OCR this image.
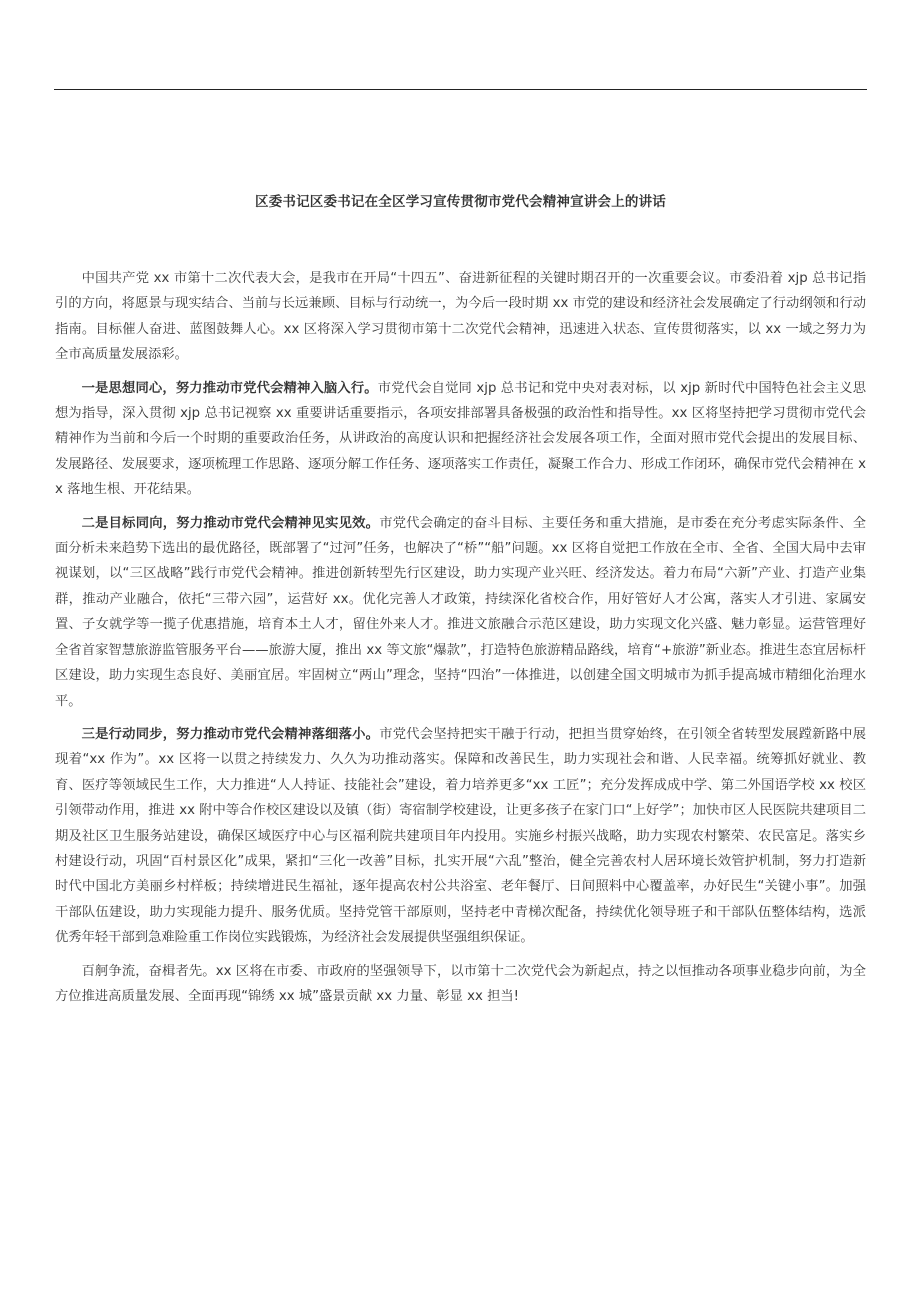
区委书记区委书记在全区学习宣传贯彻市党代会精神宣讲会上的讲话

中国共产党 xx 市第十二次代表大会，是我市在开局“十四五”、奋进新征程的关键时期召开的一次重要会议。市委沿着 xjp 总书记指引的方向，将愿景与现实结合、当前与长远兼顾、目标与行动统一，为今后一段时期 xx 市党的建设和经济社会发展确定了行动纲领和行动指南。目标催人奋进、蓝图鼓舞人心。xx 区将深入学习贯彻市第十二次党代会精神，迅速进入状态、宣传贯彻落实，以 xx 一域之努力为全市高质量发展添彩。

一是思想同心，努力推动市党代会精神入脑入行。市党代会自觉同 xjp 总书记和党中央对表对标，以 xjp 新时代中国特色社会主义思想为指导，深入贯彻 xjp 总书记视察 xx 重要讲话重要指示，各项安排部署具备极强的政治性和指导性。xx 区将坚持把学习贯彻市党代会精神作为当前和今后一个时期的重要政治任务，从讲政治的高度认识和把握经济社会发展各项工作，全面对照市党代会提出的发展目标、发展路径、发展要求，逐项梳理工作思路、逐项分解工作任务、逐项落实工作责任，凝聚工作合力、形成工作闭环，确保市党代会精神在 xx 落地生根、开花结果。

二是目标同向，努力推动市党代会精神见实见效。市党代会确定的奋斗目标、主要任务和重大措施，是市委在充分考虑实际条件、全面分析未来趋势下选出的最优路径，既部署了“过河”任务，也解决了“桥”“船”问题。xx 区将自觉把工作放在全市、全省、全国大局中去审视谋划，以“三区战略”践行市党代会精神。推进创新转型先行区建设，助力实现产业兴旺、经济发达。着力布局“六新”产业、打造产业集群，推动产业融合，依托“三带六园”，运营好 xx。优化完善人才政策，持续深化省校合作，用好管好人才公寓，落实人才引进、家属安置、子女就学等一揽子优惠措施，培育本土人才，留住外来人才。推进文旅融合示范区建设，助力实现文化兴盛、魅力彰显。运营管理好全省首家智慧旅游监管服务平台——旅游大厦，推出 xx 等文旅“爆款”，打造特色旅游精品路线，培育“+旅游”新业态。推进生态宜居标杆区建设，助力实现生态良好、美丽宜居。牢固树立“两山”理念，坚持“四治”一体推进，以创建全国文明城市为抓手提高城市精细化治理水平。

三是行动同步，努力推动市党代会精神落细落小。市党代会坚持把实干融于行动，把担当贯穿始终，在引领全省转型发展蹚新路中展现着“xx 作为”。xx 区将一以贯之持续发力、久久为功推动落实。保障和改善民生，助力实现社会和谐、人民幸福。统筹抓好就业、教育、医疗等领域民生工作，大力推进“人人持证、技能社会”建设，着力培养更多“xx 工匠”；充分发挥成成中学、第二外国语学校 xx 校区引领带动作用，推进 xx 附中等合作校区建设以及镇（街）寄宿制学校建设，让更多孩子在家门口“上好学”；加快市区人民医院共建项目二期及社区卫生服务站建设，确保区域医疗中心与区福利院共建项目年内投用。实施乡村振兴战略，助力实现农村繁荣、农民富足。落实乡村建设行动，巩固“百村景区化”成果，紧扣“三化一改善”目标，扎实开展“六乱”整治，健全完善农村人居环境长效管护机制，努力打造新时代中国北方美丽乡村样板；持续增进民生福祉，逐年提高农村公共浴室、老年餐厅、日间照料中心覆盖率，办好民生“关键小事”。加强干部队伍建设，助力实现能力提升、服务优质。坚持党管干部原则，坚持老中青梯次配备，持续优化领导班子和干部队伍整体结构，选派优秀年轻干部到急难险重工作岗位实践锻炼，为经济社会发展提供坚强组织保证。

百舸争流，奋楫者先。xx 区将在市委、市政府的坚强领导下，以市第十二次党代会为新起点，持之以恒推动各项事业稳步向前，为全方位推进高质量发展、全面再现“锦绣 xx 城”盛景贡献 xx 力量、彰显 xx 担当!
